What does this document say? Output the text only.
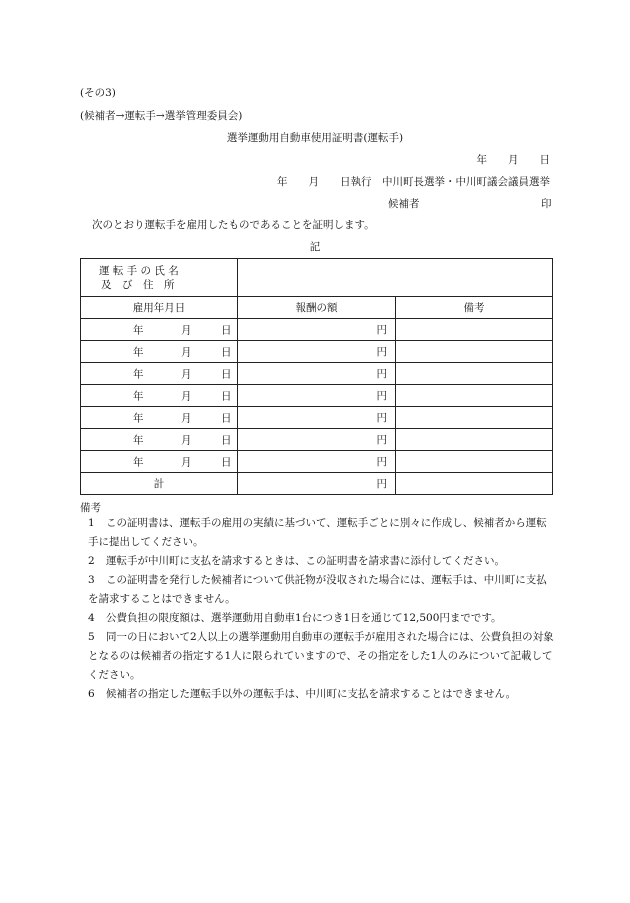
(その3)
(候補者→運転手→選挙管理委員会)
選挙運動用自動車使用証明書(運転手)
年　　月　　日
年　　月　　日執行　中川町長選挙・中川町議会議員選挙
候補者	印
次のとおり運転手を雇用したものであることを証明します。
記
運 転 手 の 氏 名
及　び　住　所		

雇用年月日	報酬の額	備考

年 月 日	円	

年 月 日	円	

年 月 日	円	

年 月 日	円	

年 月 日	円	

年 月 日	円	

年 月 日	円	
計	円	
備考
1	この証明書は、運転手の雇用の実績に基づいて、運転手ごとに別々に作成し、候補者から運転手に提出してください。
2	運転手が中川町に支払を請求するときは、この証明書を請求書に添付してください。
3	この証明書を発行した候補者について供託物が没収された場合には、運転手は、中川町に支払を請求することはできません。
4	公費負担の限度額は、選挙運動用自動車1台につき1日を通じて12,500円までです。
5	同一の日において2人以上の選挙運動用自動車の運転手が雇用された場合には、公費負担の対象となるのは候補者の指定する1人に限られていますので、その指定をした1人のみについて記載してください。
6	候補者の指定した運転手以外の運転手は、中川町に支払を請求することはできません。
